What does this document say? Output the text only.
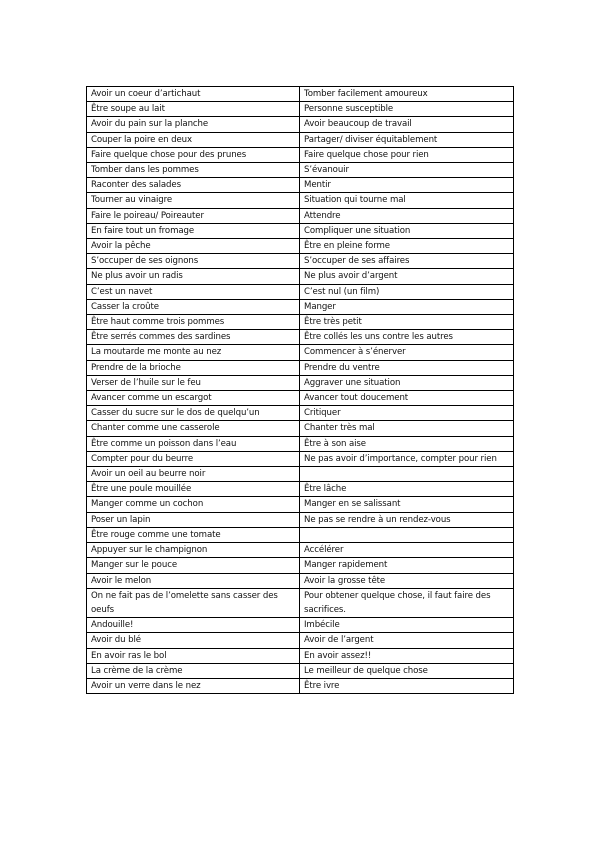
Avoir un coeur d’artichaut	Tomber facilement amoureux
Être soupe au lait	Personne susceptible
Avoir du pain sur la planche	Avoir beaucoup de travail
Couper la poire en deux	Partager/ diviser équitablement
Faire quelque chose pour des prunes	Faire quelque chose pour rien
Tomber dans les pommes	S’évanouir
Raconter des salades	Mentir
Tourner au vinaigre	Situation qui tourne mal
Faire le poireau/ Poireauter	Attendre
En faire tout un fromage	Compliquer une situation
Avoir la pêche	Être en pleine forme
S’occuper de ses oignons	S’occuper de ses affaires
Ne plus avoir un radis	Ne plus avoir d’argent
C’est un navet	C’est nul (un film)
Casser la croûte	Manger
Être haut comme trois pommes	Être très petit
Être serrés commes des sardines	Être collés les uns contre les autres
La moutarde me monte au nez	Commencer à s’énerver
Prendre de la brioche	Prendre du ventre
Verser de l’huile sur le feu	Aggraver une situation
Avancer comme un escargot	Avancer tout doucement
Casser du sucre sur le dos de quelqu’un	Critiquer
Chanter comme une casserole	Chanter très mal
Être comme un poisson dans l’eau	Être à son aise
Compter pour du beurre	Ne pas avoir d’importance, compter pour rien
Avoir un oeil au beurre noir	
Être une poule mouillée	Être lâche
Manger comme un cochon	Manger en se salissant
Poser un lapin	Ne pas se rendre à un rendez-vous
Être rouge comme une tomate	
Appuyer sur le champignon	Accélérer
Manger sur le pouce	Manger rapidement
Avoir le melon	Avoir la grosse tête
On ne fait pas de l’omelette sans casser des oeufs	Pour obtener quelque chose, il faut faire des sacrifices.
Andouille!	Imbécile
Avoir du blé	Avoir de l’argent
En avoir ras le bol	En avoir assez!!
La crème de la crème	Le meilleur de quelque chose
Avoir un verre dans le nez	Être ivre
